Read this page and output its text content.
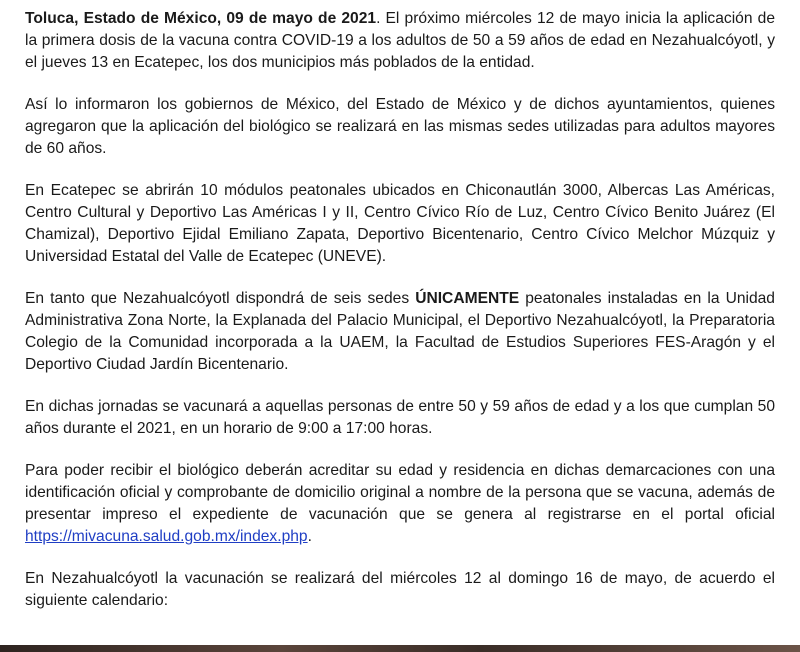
Toluca, Estado de México, 09 de mayo de 2021. El próximo miércoles 12 de mayo inicia la aplicación de la primera dosis de la vacuna contra COVID-19 a los adultos de 50 a 59 años de edad en Nezahualcóyotl, y el jueves 13 en Ecatepec, los dos municipios más poblados de la entidad.

Así lo informaron los gobiernos de México, del Estado de México y de dichos ayuntamientos, quienes agregaron que la aplicación del biológico se realizará en las mismas sedes utilizadas para adultos mayores de 60 años.

En Ecatepec se abrirán 10 módulos peatonales ubicados en Chiconautlán 3000, Albercas Las Américas, Centro Cultural y Deportivo Las Américas I y II, Centro Cívico Río de Luz, Centro Cívico Benito Juárez (El Chamizal), Deportivo Ejidal Emiliano Zapata, Deportivo Bicentenario, Centro Cívico Melchor Múzquiz y Universidad Estatal del Valle de Ecatepec (UNEVE).

En tanto que Nezahualcóyotl dispondrá de seis sedes ÚNICAMENTE peatonales instaladas en la Unidad Administrativa Zona Norte, la Explanada del Palacio Municipal, el Deportivo Nezahualcóyotl, la Preparatoria Colegio de la Comunidad incorporada a la UAEM, la Facultad de Estudios Superiores FES-Aragón y el Deportivo Ciudad Jardín Bicentenario.

En dichas jornadas se vacunará a aquellas personas de entre 50 y 59 años de edad y a los que cumplan 50 años durante el 2021, en un horario de 9:00 a 17:00 horas.

Para poder recibir el biológico deberán acreditar su edad y residencia en dichas demarcaciones con una identificación oficial y comprobante de domicilio original a nombre de la persona que se vacuna, además de presentar impreso el expediente de vacunación que se genera al registrarse en el portal oficial https://mivacuna.salud.gob.mx/index.php.

En Nezahualcóyotl la vacunación se realizará del miércoles 12 al domingo 16 de mayo, de acuerdo el siguiente calendario:
